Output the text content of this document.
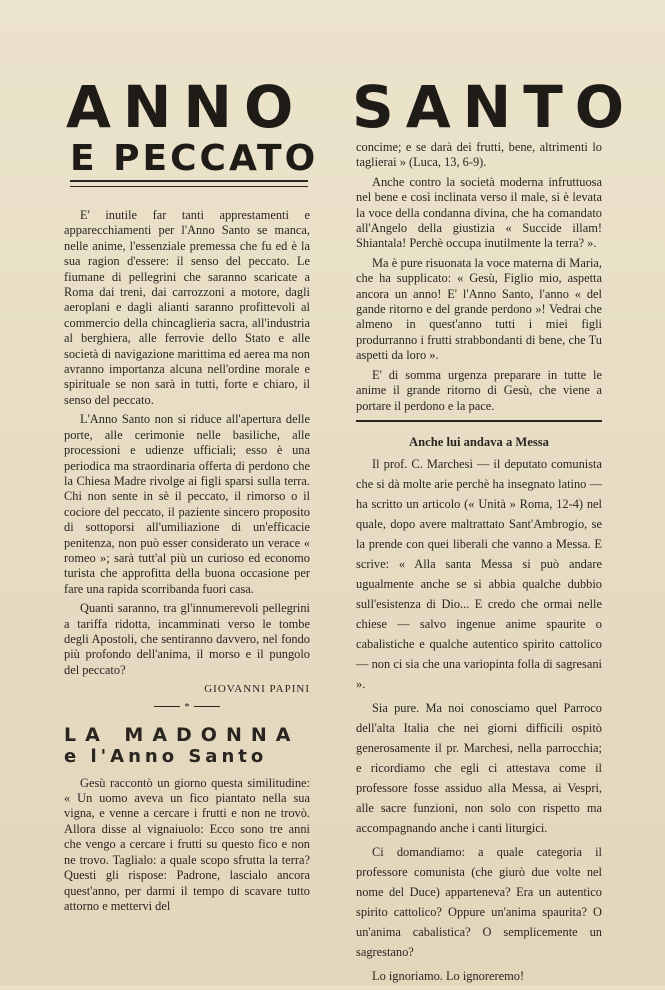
ANNO SANTO
E PECCATO

E' inutile far tanti apprestamenti e apparecchiamenti per l'Anno Santo se manca, nelle anime, l'essenziale premessa che fu ed è la sua ragion d'essere: il senso del peccato. Le fiumane di pellegrini che saranno scaricate a Roma dai treni, dai carrozzoni a motore, dagli aeroplani e dagli alianti saranno profittevoli al commercio della chincaglieria sacra, all'industria al berghiera, alle ferrovie dello Stato e alle società di navigazione marittima ed aerea ma non avranno importanza alcuna nell'ordine morale e spirituale se non sarà in tutti, forte e chiaro, il senso del peccato.

L'Anno Santo non si riduce all'apertura delle porte, alle cerimonie nelle basiliche, alle processioni e udienze ufficiali; esso è una periodica ma straordinaria offerta di perdono che la Chiesa Madre rivolge ai figli sparsi sulla terra. Chi non sente in sè il peccato, il rimorso o il cociore del peccato, il paziente sincero proposito di sottoporsi all'umiliazione di un'efficacie penitenza, non può esser considerato un verace « romeo »; sarà tutt'al più un curioso ed economo turista che approfitta della buona occasione per fare una rapida scorribanda fuori casa.

Quanti saranno, tra gl'innumerevoli pellegrini a tariffa ridotta, incamminati verso le tombe degli Apostoli, che sentiranno davvero, nel fondo più profondo dell'anima, il morso e il pungolo del peccato?

GIOVANNI PAPINI
*
LA MADONNA
e l'Anno Santo

Gesù raccontò un giorno questa similitudine: « Un uomo aveva un fico piantato nella sua vigna, e venne a cercare i frutti e non ne trovò. Allora disse al vignaiuolo: Ecco sono tre anni che vengo a cercare i frutti su questo fico e non ne trovo. Taglialo: a quale scopo sfrutta la terra? Questi gli rispose: Padrone, lascialo ancora quest'anno, per darmi il tempo di scavare tutto attorno e mettervi del

concime; e se darà dei frutti, bene, altrimenti lo taglierai » (Luca, 13, 6-9).

Anche contro la società moderna infruttuosa nel bene e così inclinata verso il male, si è levata la voce della condanna divina, che ha comandato all'Angelo della giustizia « Succide illam! Shiantala! Perchè occupa inutilmente la terra? ».

Ma è pure risuonata la voce materna di Maria, che ha supplicato: « Gesù, Figlio mio, aspetta ancora un anno! E' l'Anno Santo, l'anno « del gande ritorno e del grande perdono »! Vedrai che almeno in quest'anno tutti i miei figli produrranno i frutti strabbondanti di bene, che Tu aspetti da loro ».

E' di somma urgenza preparare in tutte le anime il grande ritorno di Gesù, che viene a portare il perdono e la pace.

Anche lui andava a Messa

Il prof. C. Marchesi — il deputato comunista che si dà molte arie perchè ha insegnato latino — ha scritto un articolo (« Unità » Roma, 12-4) nel quale, dopo avere maltrattato Sant'Ambrogio, se la prende con quei liberali che vanno a Messa. E scrive: « Alla santa Messa si può andare ugualmente anche se si abbia qualche dubbio sull'esistenza di Dio... E credo che ormai nelle chiese — salvo ingenue anime spaurite o cabalistiche e qualche autentico spirito cattolico — non ci sia che una variopinta folla di sagresani ».

Sia pure. Ma noi conosciamo quel Parroco dell'alta Italia che nei giorni difficili ospitò generosamente il pr. Marchesi, nella parrocchia; e ricordiamo che egli ci attestava come il professore fosse assiduo alla Messa, ai Vespri, alle sacre funzioni, non solo con rispetto ma accompagnando anche i canti liturgici.

Ci domandiamo: a quale categoria il professore comunista (che giurò due volte nel nome del Duce) apparteneva? Era un autentico spirito cattolico? Oppure un'anima spaurita? O un'anima cabalistica? O semplicemente un sagrestano?

Lo ignoriamo. Lo ignoreremo!
